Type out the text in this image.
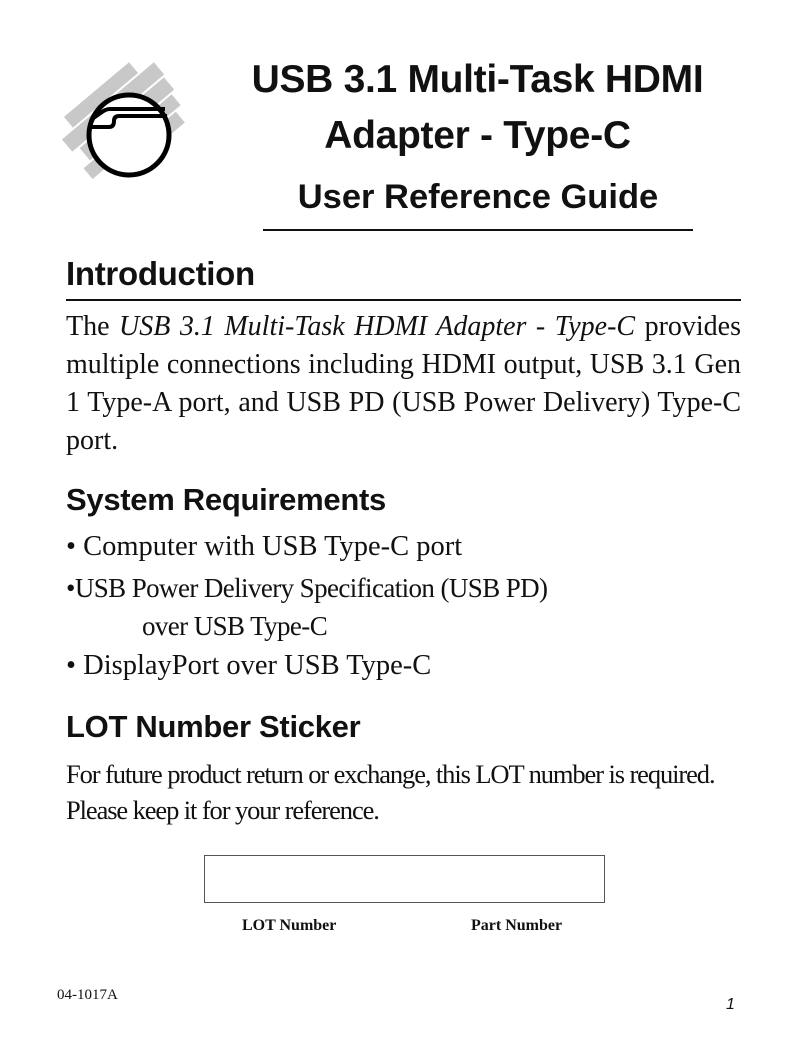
USB 3.1 Multi-Task HDMI
Adapter - Type-C
User Reference Guide
Introduction
The USB 3.1 Multi-Task HDMI Adapter - Type-C provides multiple connections including HDMI output, USB 3.1 Gen 1 Type-A port, and USB PD (USB Power Delivery) Type-C port.
System Requirements
• Computer with USB Type-C port
•USB Power Delivery Specification (USB PD)
over USB Type-C
• DisplayPort over USB Type-C
LOT Number Sticker
For future product return or exchange, this LOT number is required. Please keep it for your reference.
LOT Number	Part Number
04-1017A
1
